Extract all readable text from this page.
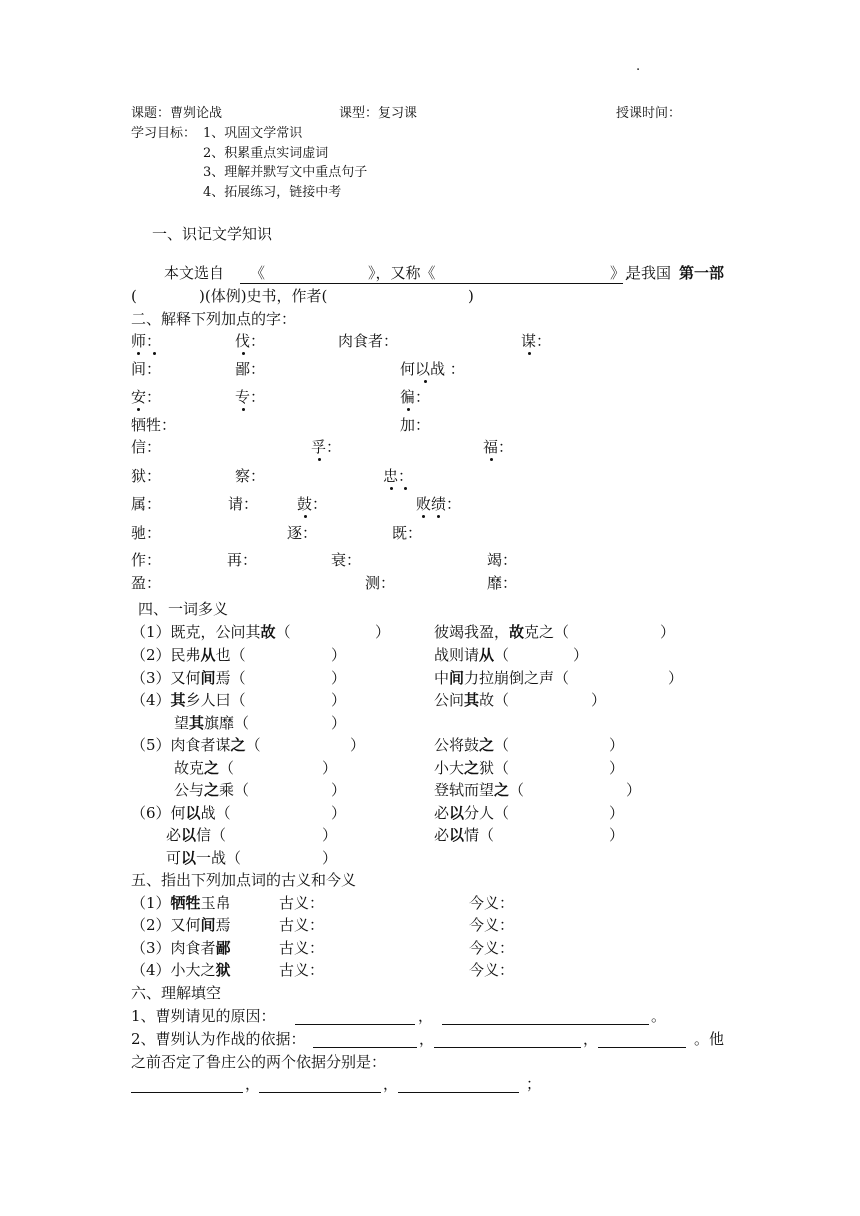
.
课题：曹刿论战	课型：复习课	授课时间：
学习目标： 1、巩固文学常识
2、积累重点实词虚词
3、理解并默写文中重点句子
4、拓展练习，链接中考
一、识记文学知识
本文选自 《	》，又称《	》,
是我国 第一部
(	)(体例)史书，作者(	)
二、解释下列加点的字：
师：	伐：	肉食者：	谋：
间：	鄙：	何以战 ：
安：	专：	徧：
牺牲：	加：
信：	孚：	福：
狱：	察：	忠：
属：	请：	鼓：	败绩：
驰：	逐：	既：
作：	再：	衰：	竭：
盈：	测：	靡：
四、一词多义
（1）既克，公问其故（	）	彼竭我盈，故克之（	）
（2）民弗从也（	）	战则请从（	）
（3）又何间焉（	）	中间力拉崩倒之声（	）
（4）其乡人曰（	）	公问其故（	）
望其旗靡（	）
（5）肉食者谋之（	）	公将鼓之（	）
故克之（	）	小大之狱（	）
公与之乘（	）	登轼而望之（	）
（6）何以战（	）	必以分人（	）
必以信（	）	必以情（	）
可以一战（	）
五、指出下列加点词的古义和今义
（1）牺牲玉帛	古义：	今义：
（2）又何间焉	古义：	今义：
（3）肉食者鄙	古义：	今义：
（4）小大之狱	古义：	今义：
六、理解填空
1、曹刿请见的原因：	，	。
2、曹刿认为作战的依据：	，	，	。他
之前否定了鲁庄公的两个依据分别是：
，	，	；
